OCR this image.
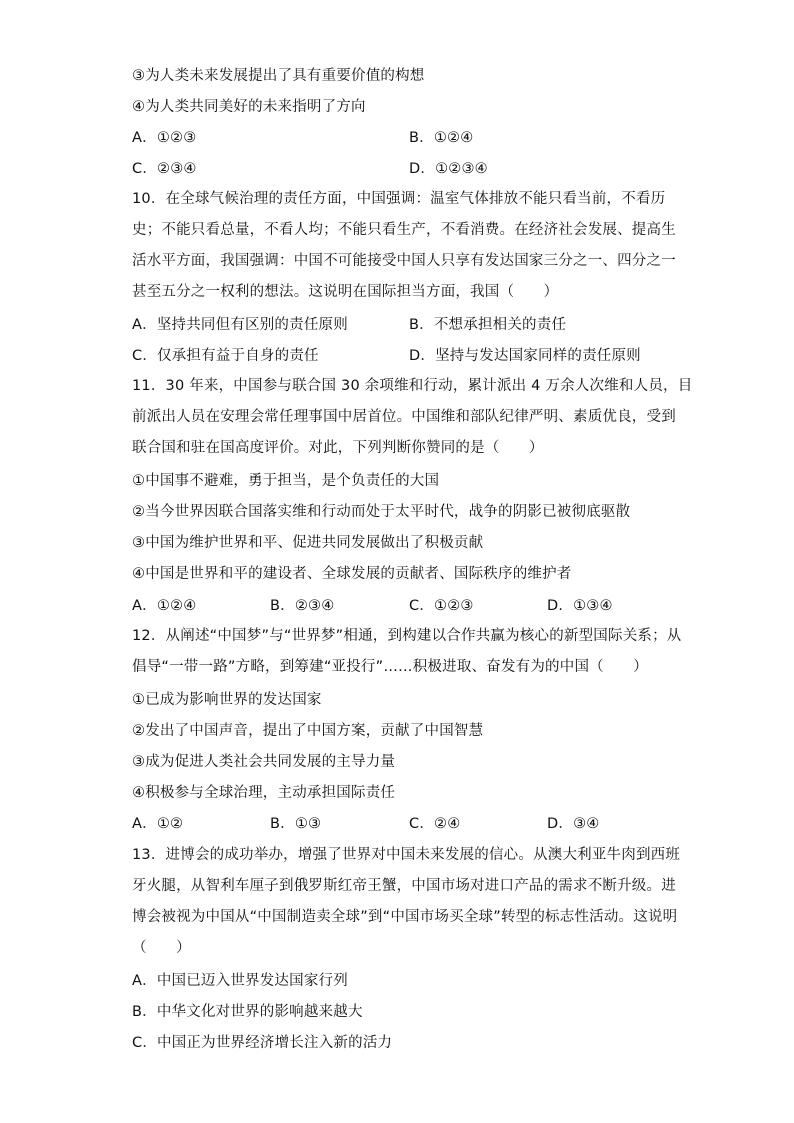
③为人类未来发展提出了具有重要价值的构想
④为人类共同美好的未来指明了方向
A．①②③	B．①②④
C．②③④	D．①②③④
10．在全球气候治理的责任方面，中国强调：温室气体排放不能只看当前，不看历
史；不能只看总量，不看人均；不能只看生产，不看消费。在经济社会发展、提高生
活水平方面，我国强调：中国不可能接受中国人只享有发达国家三分之一、四分之一
甚至五分之一权利的想法。这说明在国际担当方面，我国（　　）
A．坚持共同但有区别的责任原则	B．不想承担相关的责任
C．仅承担有益于自身的责任	D．坚持与发达国家同样的责任原则
11．30 年来，中国参与联合国 30 余项维和行动，累计派出 4 万余人次维和人员，目
前派出人员在安理会常任理事国中居首位。中国维和部队纪律严明、素质优良，受到
联合国和驻在国高度评价。对此，下列判断你赞同的是（　　）
①中国事不避难，勇于担当，是个负责任的大国
②当今世界因联合国落实维和行动而处于太平时代，战争的阴影已被彻底驱散
③中国为维护世界和平、促进共同发展做出了积极贡献
④中国是世界和平的建设者、全球发展的贡献者、国际秩序的维护者
A．①②④	B．②③④	C．①②③	D．①③④
12．从阐述“中国梦”与“世界梦”相通，到构建以合作共赢为核心的新型国际关系；从
倡导“一带一路”方略，到筹建“亚投行”……积极进取、奋发有为的中国（　　）
①已成为影响世界的发达国家
②发出了中国声音，提出了中国方案，贡献了中国智慧
③成为促进人类社会共同发展的主导力量
④积极参与全球治理，主动承担国际责任
A．①②	B．①③	C．②④	D．③④
13．进博会的成功举办，增强了世界对中国未来发展的信心。从澳大利亚牛肉到西班
牙火腿，从智利车厘子到俄罗斯红帝王蟹，中国市场对进口产品的需求不断升级。进
博会被视为中国从“中国制造卖全球”到“中国市场买全球”转型的标志性活动。这说明
（　　）
A．中国已迈入世界发达国家行列
B．中华文化对世界的影响越来越大
C．中国正为世界经济增长注入新的活力
